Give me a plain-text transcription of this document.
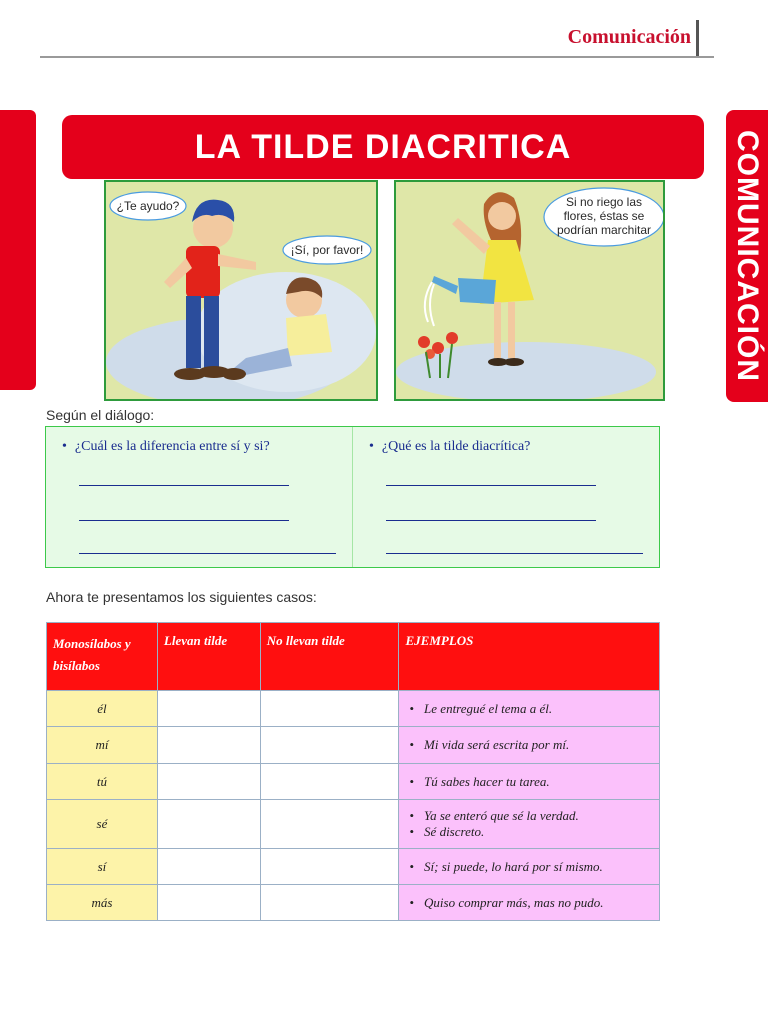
Comunicación
COMUNICACIÓN
LA TILDE DIACRITICA
¿Te ayudo?
¡Sí, por favor!
Si no riego las
flores, éstas se
podrían marchitar
Según el diálogo:
• ¿Cuál es la diferencia entre sí y si?	• ¿Qué es la tilde diacrítica?
Ahora te presentamos los siguientes casos:
Monosílabos y bisílabos	Llevan tilde	No llevan tilde	EJEMPLOS
él			• Le entregué el tema a él.

mí			• Mi vida será escrita por mí.

tú			• Tú sabes hacer tu tarea.

sé			• Ya se enteró que sé la verdad.
• Sé discreto.

sí			• Sí; si puede, lo hará por sí mismo.

más			• Quiso comprar más, mas no pudo.
